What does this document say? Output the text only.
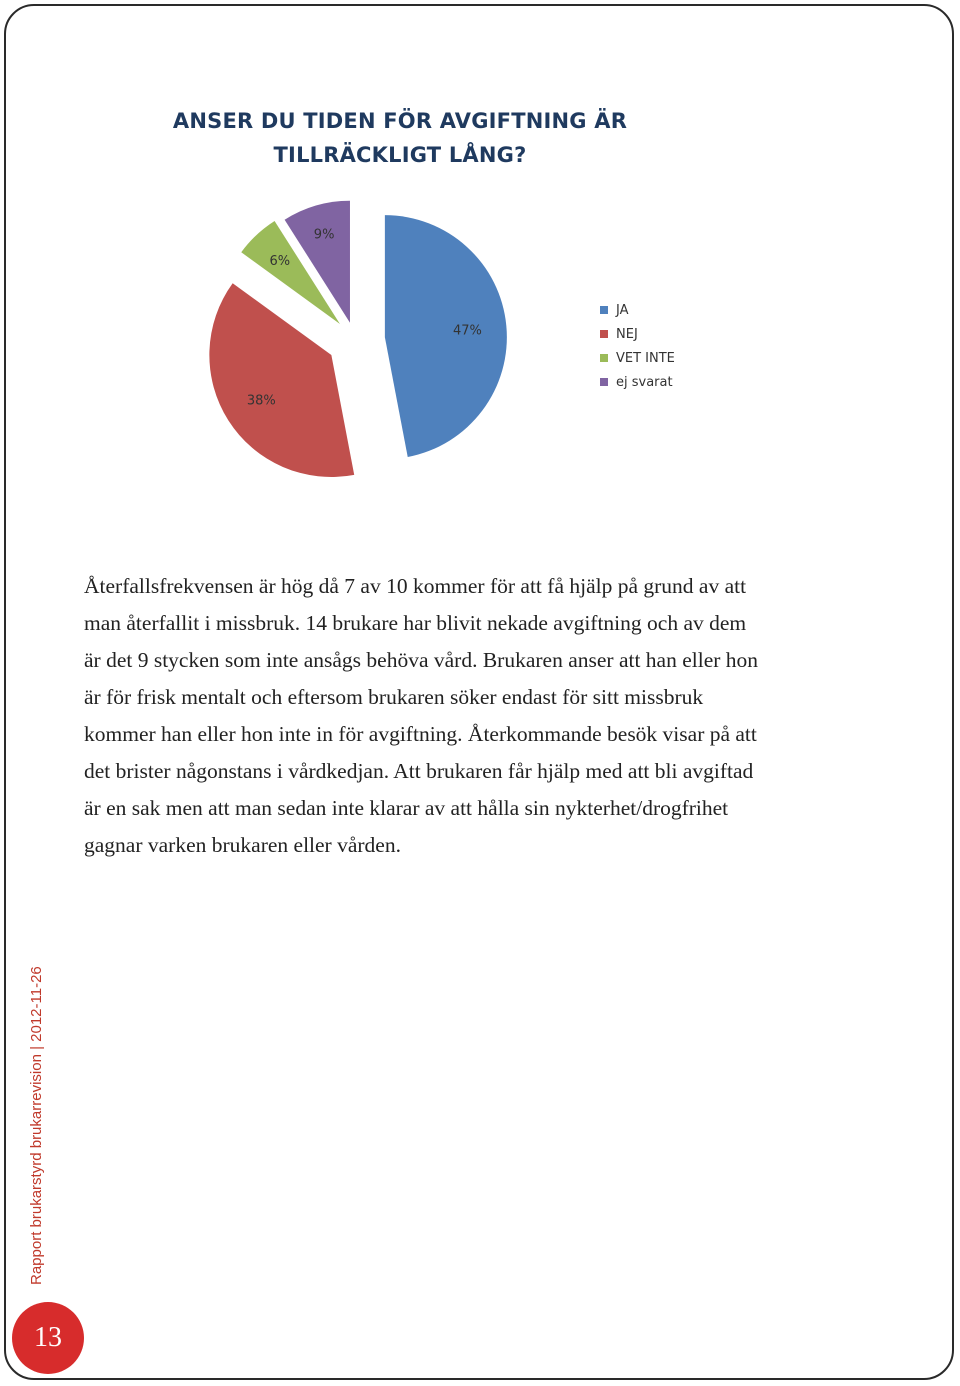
ANSER DU TIDEN FÖR AVGIFTNING ÄR
TILLRÄCKLIGT LÅNG?
47%
38%
6%
9%
JA
NEJ
VET INTE
ej svarat
Återfallsfrekvensen är hög då 7 av 10 kommer för att få hjälp på grund av att
man återfallit i missbruk. 14 brukare har blivit nekade avgiftning och av dem
är det 9 stycken som inte ansågs behöva vård. Brukaren anser att han eller hon
är för frisk mentalt och eftersom brukaren söker endast för sitt missbruk
kommer han eller hon inte in för avgiftning. Återkommande besök visar på att
det brister någonstans i vårdkedjan. Att brukaren får hjälp med att bli avgiftad
är en sak men att man sedan inte klarar av att hålla sin nykterhet/drogfrihet
gagnar varken brukaren eller vården.
Rapport brukarstyrd brukarrevision | 2012-11-26
13
